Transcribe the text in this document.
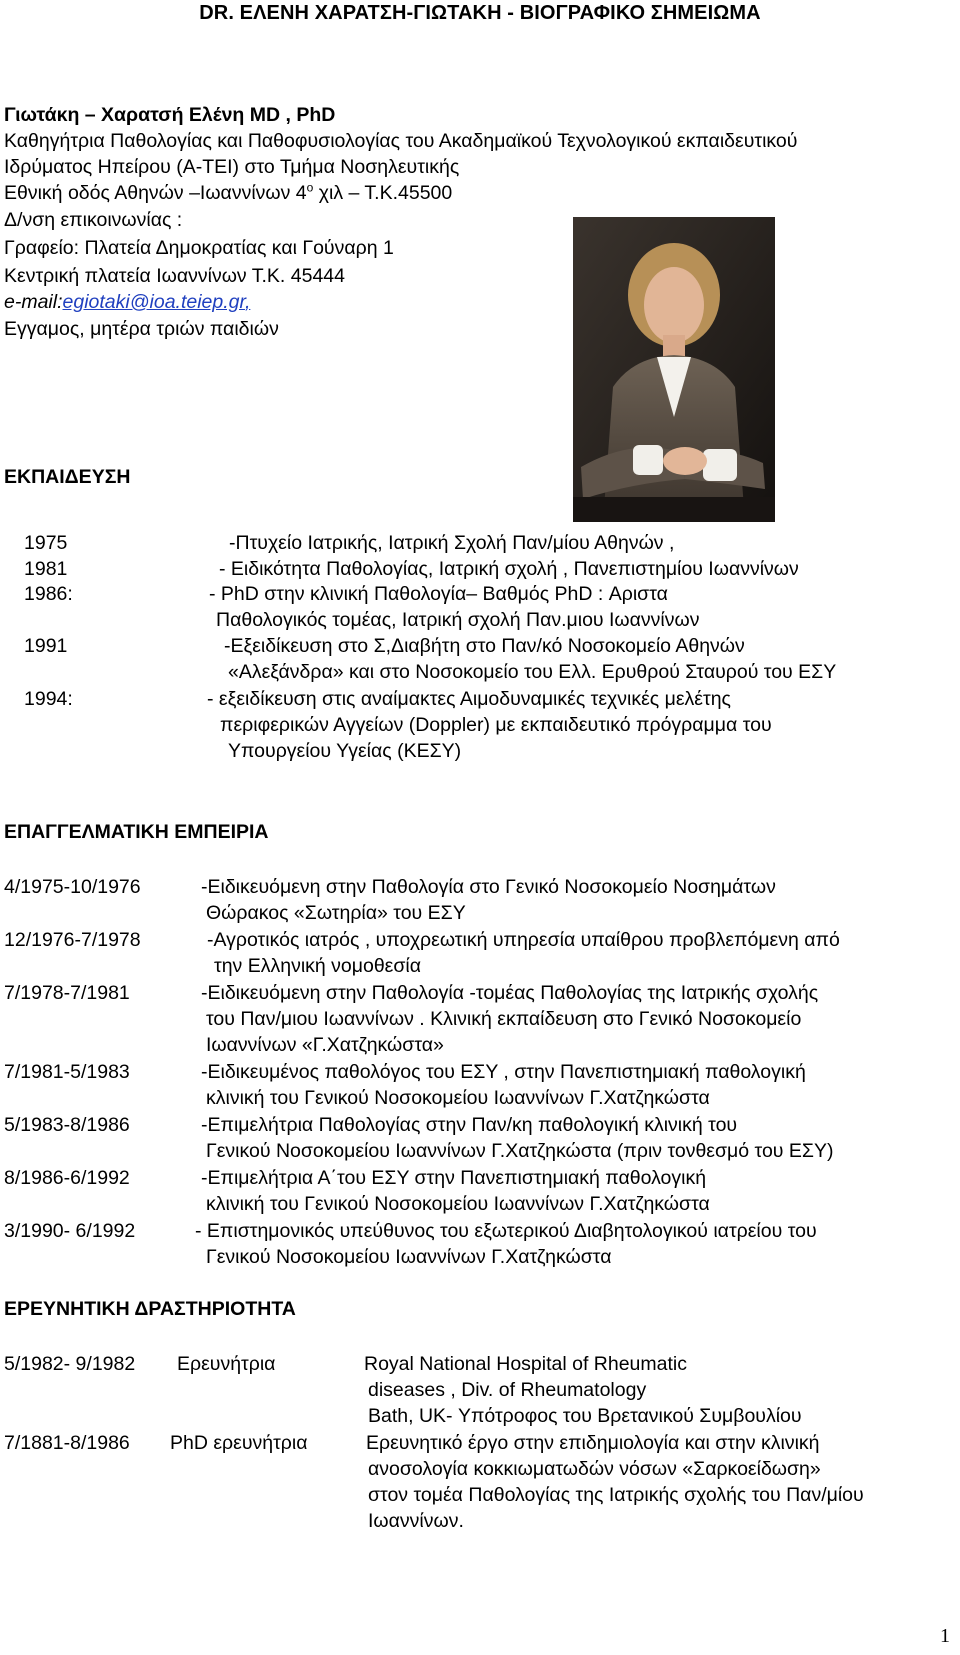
DR. ΕΛΕΝΗ ΧΑΡΑΤΣΗ-ΓΙΩΤΑΚΗ - ΒΙΟΓΡΑΦΙΚΟ ΣΗΜΕΙΩΜΑ
Γιωτάκη – Χαρατσή Ελένη MD , PhD
Καθηγήτρια Παθολογίας και Παθοφυσιολογίας του Ακαδημαϊκού Τεχνολογικού εκπαιδευτικού
Ιδρύματος Ηπείρου (Α-ΤΕΙ) στο Τμήμα Νοσηλευτικής
Εθνική οδός Αθηνών –Ιωαννίνων 4$^o$ χιλ – Τ.Κ.45500
Δ/νση επικοινωνίας :
Γραφείο: Πλατεία Δημοκρατίας και Γούναρη 1
Κεντρική πλατεία Ιωαννίνων Τ.Κ. 45444
e-mail:egiotaki@ioa.teiep.gr,
Εγγαμος, μητέρα τριών παιδιών
ΕΚΠΑΙΔΕΥΣΗ
1975	-Πτυχείο Ιατρικής, Ιατρική Σχολή Παν/μίου Αθηνών ,
1981	- Ειδικότητα Παθολογίας, Ιατρική σχολή , Πανεπιστημίου Ιωαννίνων
1986:	- PhD στην κλινική Παθολογία– Βαθμός PhD : Αριστα
Παθολογικός τομέας, Ιατρική σχολή Παν.μιου Ιωαννίνων
1991	-Εξειδίκευση στο Σ,Διαβήτη στο Παν/κό Νοσοκομείο Αθηνών
«Αλεξάνδρα» και στο Νοσοκομείο του Ελλ. Ερυθρού Σταυρού του ΕΣΥ
1994:	- εξειδίκευση στις αναίμακτες Αιμοδυναμικές τεχνικές μελέτης
περιφερικών Αγγείων (Doppler) με εκπαιδευτικό πρόγραμμα του
Υπουργείου Υγείας (ΚΕΣΥ)
ΕΠΑΓΓΕΛΜΑΤΙΚΗ ΕΜΠΕΙΡΙΑ
4/1975-10/1976	-Ειδικευόμενη στην Παθολογία στο Γενικό Νοσοκομείο Νοσημάτων
Θώρακος «Σωτηρία» του ΕΣΥ
12/1976-7/1978	-Αγροτικός ιατρός , υποχρεωτική υπηρεσία υπαίθρου προβλεπόμενη από
την Ελληνική νομοθεσία
7/1978-7/1981	-Ειδικευόμενη στην Παθολογία -τομέας Παθολογίας της Ιατρικής σχολής
του Παν/μιου Ιωαννίνων . Κλινική εκπαίδευση στο Γενικό Νοσοκομείο
Ιωαννίνων «Γ.Χατζηκώστα»
7/1981-5/1983	-Ειδικευμένος παθολόγος του ΕΣΥ , στην Πανεπιστημιακή παθολογική
κλινική του Γενικού Νοσοκομείου Ιωαννίνων Γ.Χατζηκώστα
5/1983-8/1986	-Επιμελήτρια Παθολογίας στην Παν/κη παθολογική κλινική του
Γενικού Νοσοκομείου Ιωαννίνων Γ.Χατζηκώστα (πριν τονθεσμό του ΕΣΥ)
8/1986-6/1992	-Επιμελήτρια Α΄του ΕΣΥ στην Πανεπιστημιακή παθολογική
κλινική του Γενικού Νοσοκομείου Ιωαννίνων Γ.Χατζηκώστα
3/1990- 6/1992	- Επιστημονικός υπεύθυνος του εξωτερικού Διαβητολογικού ιατρείου του
Γενικού Νοσοκομείου Ιωαννίνων Γ.Χατζηκώστα
ΕΡΕΥΝΗΤΙΚΗ ΔΡΑΣΤΗΡΙΟΤΗΤΑ
5/1982- 9/1982 Ερευνήτρια	Royal National Hospital of Rheumatic
diseases , Div. of Rheumatology
Bath, UK- Υπότροφος του Βρετανικού Συμβουλίου
7/1881-8/1986 PhD ερευνήτρια	Ερευνητικό έργο στην επιδημιολογία και στην κλινική
ανοσολογία κοκκιωματωδών νόσων «Σαρκοείδωση»
στον τομέα Παθολογίας της Ιατρικής σχολής του Παν/μίου
Ιωαννίνων.
1
